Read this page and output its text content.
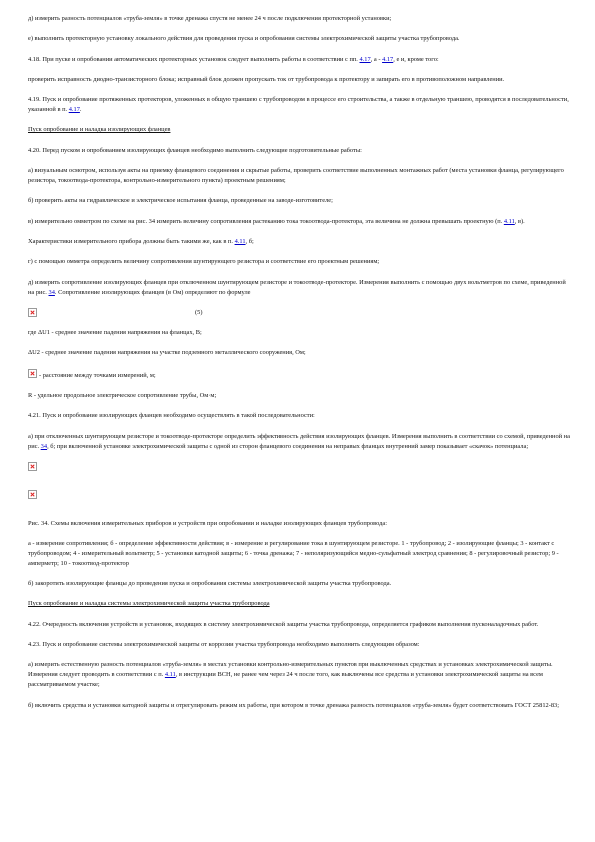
д) измерить разность потенциалов «труба-земля» в точке дренажа спустя не менее 24 ч после подключения протекторной установки;

е) выполнить протекторную установку локального действия для проведения пуска и опробования системы электрохимической защиты участка трубопровода.

4.18. При пуске и опробовании автоматических протекторных установок следует выполнить работы в соответствии с пп. 4.17, а - 4.17, е и, кроме того:

проверить исправность диодно-транзисторного блока; исправный блок должен пропускать ток от трубопровода к протектору и запирать его в противоположном направлении.

4.19. Пуск и опробование протяженных протекторов, уложенных в общую траншею с трубопроводом в процессе его строительства, а также в отдельную траншею, проводятся в последовательности, указанной в п. 4.17.

Пуск опробование и наладка изолирующих фланцев

4.20. Перед пуском и опробованием изолирующих фланцев необходимо выполнить следующие подготовительные работы:

а) визуальным осмотром, используя акты на приемку фланцевого соединения и скрытые работы, проверить соответствие выполненных монтажных работ (места установки фланца, регулирующего резистора, токоотвода-протектора, контрольно-измерительного пункта) проектным решениям;

б) проверить акты на гидравлическое и электрическое испытания фланца, проведенные на заводе-изготовителе;

в) измерительно омметром по схеме на рис. 34 измерить величину сопротивления растеканию тока токоотвода-протектора, эта величина не должна превышать проектную (п. 4.11, в).

Характеристики измерительного прибора должны быть такими же, как в п. 4.11, б;

г) с помощью омметра определить величину сопротивления шунтирующего резистора и соответствие его проектным решениям;

д) измерить сопротивление изолирующих фланцев при отключенном шунтирующем резисторе и токоотводе-протекторе. Измерения выполнить с помощью двух вольтметров по схеме, приведенной на рис. 34. Сопротивление изолирующих фланцев (в Ом) определяют по формуле

(5)

где ΔU1 - среднее значение падения напряжения на фланцах, В;

ΔU2 - среднее значение падения напряжения на участке подземного металлического сооружения, Ом;

- расстояние между точками измерений, м;

R - удельное продольное электрическое сопротивление трубы, Ом·м;

4.21. Пуск и опробование изолирующих фланцев необходимо осуществлять в такой последовательности:

а) при отключенных шунтирующем резисторе и токоотводе-протекторе определить эффективность действия изолирующих фланцев. Измерения выполнить в соответствии со схемой, приведенной на рис. 34, б; при включенной установке электрохимической защиты с одной из сторон фланцевого соединения на неправых фланцах внутренний замер показывает «скачок» потенциала;

Рис. 34. Схемы включения измерительных приборов и устройств при опробовании и наладке изолирующих фланцев трубопровода:

а - измерение сопротивления; б - определение эффективности действия; в - измерение и регулирование тока в шунтирующем резисторе. 1 - трубопровод; 2 - изолирующие фланцы; 3 - контакт с трубопроводом; 4 - измерительный вольтметр; 5 - установки катодной защиты; 6 - точка дренажа; 7 - неполяризующийся медно-сульфатный электрод сравнения; 8 - регулировочный резистор; 9 - амперметр; 10 - токоотвод-протектор

б) закоротить изолирующие фланцы до проведения пуска и опробования системы электрохимической защиты участка трубопровода.

Пуск опробование и наладка системы электрохимической защиты участка трубопровода

4.22. Очередность включения устройств и установок, входящих в систему электрохимической защиты участка трубопровода, определяется графиком выполнения пусконаладочных работ.

4.23. Пуск и опробование системы электрохимической защиты от коррозии участка трубопровода необходимо выполнить следующим образом:

а) измерить естественную разность потенциалов «труба-земля» в местах установки контрольно-измерительных пунктов при выключенных средствах и установках электрохимической защиты. Измерения следует проводить в соответствии с п. 4.11, в инструкции ВСН, не ранее чем через 24 ч после того, как выключены все средства и установки электрохимической защиты на всем рассматриваемом участке;

б) включить средства и установки катодной защиты и отрегулировать режим их работы, при котором в точке дренажа разность потенциалов «труба-земля» будет соответствовать ГОСТ 25812-83;
